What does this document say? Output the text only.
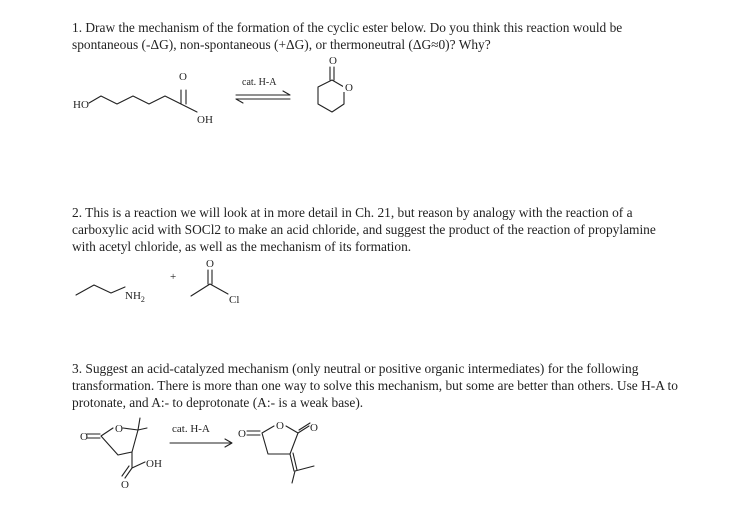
1. Draw the mechanism of the formation of the cyclic ester below. Do you think this reaction would be spontaneous (-ΔG), non-spontaneous (+ΔG), or thermoneutral (ΔG≈0)? Why?

2. This is a reaction we will look at in more detail in Ch. 21, but reason by analogy with the reaction of a carboxylic acid with SOCl2 to make an acid chloride, and suggest the product of the reaction of propylamine with acetyl chloride, as well as the mechanism of its formation.

3. Suggest an acid-catalyzed mechanism (only neutral or positive organic intermediates) for the following transformation. There is more than one way to solve this mechanism, but some are better than others. Use H-A to protonate, and A:- to deprotonate (A:- is a weak base).

HO
O
OH
cat. H-A
O
O
$NH_2$
+
O
Cl
O
O
OH
O
cat. H-A	O
O O
